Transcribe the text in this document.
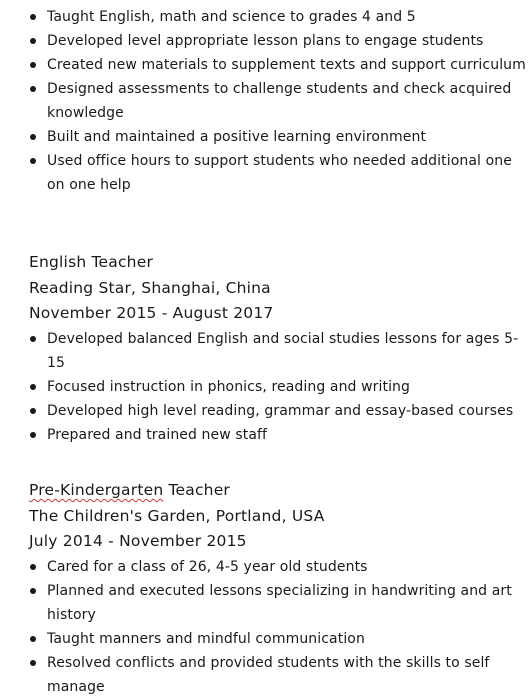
Taught English, math and science to grades 4 and 5
Developed level appropriate lesson plans to engage students
Created new materials to supplement texts and support curriculum
Designed assessments to challenge students and check acquired knowledge
Built and maintained a positive learning environment
Used office hours to support students who needed additional one on one help
English Teacher
Reading Star, Shanghai, China
November 2015 - August 2017
Developed balanced English and social studies lessons for ages 5-15
Focused instruction in phonics, reading and writing
Developed high level reading, grammar and essay-based courses
Prepared and trained new staff
Pre-Kindergarten Teacher
The Children's Garden, Portland, USA
July 2014 - November 2015
Cared for a class of 26, 4-5 year old students
Planned and executed lessons specializing in handwriting and art history
Taught manners and mindful communication
Resolved conflicts and provided students with the skills to self manage
